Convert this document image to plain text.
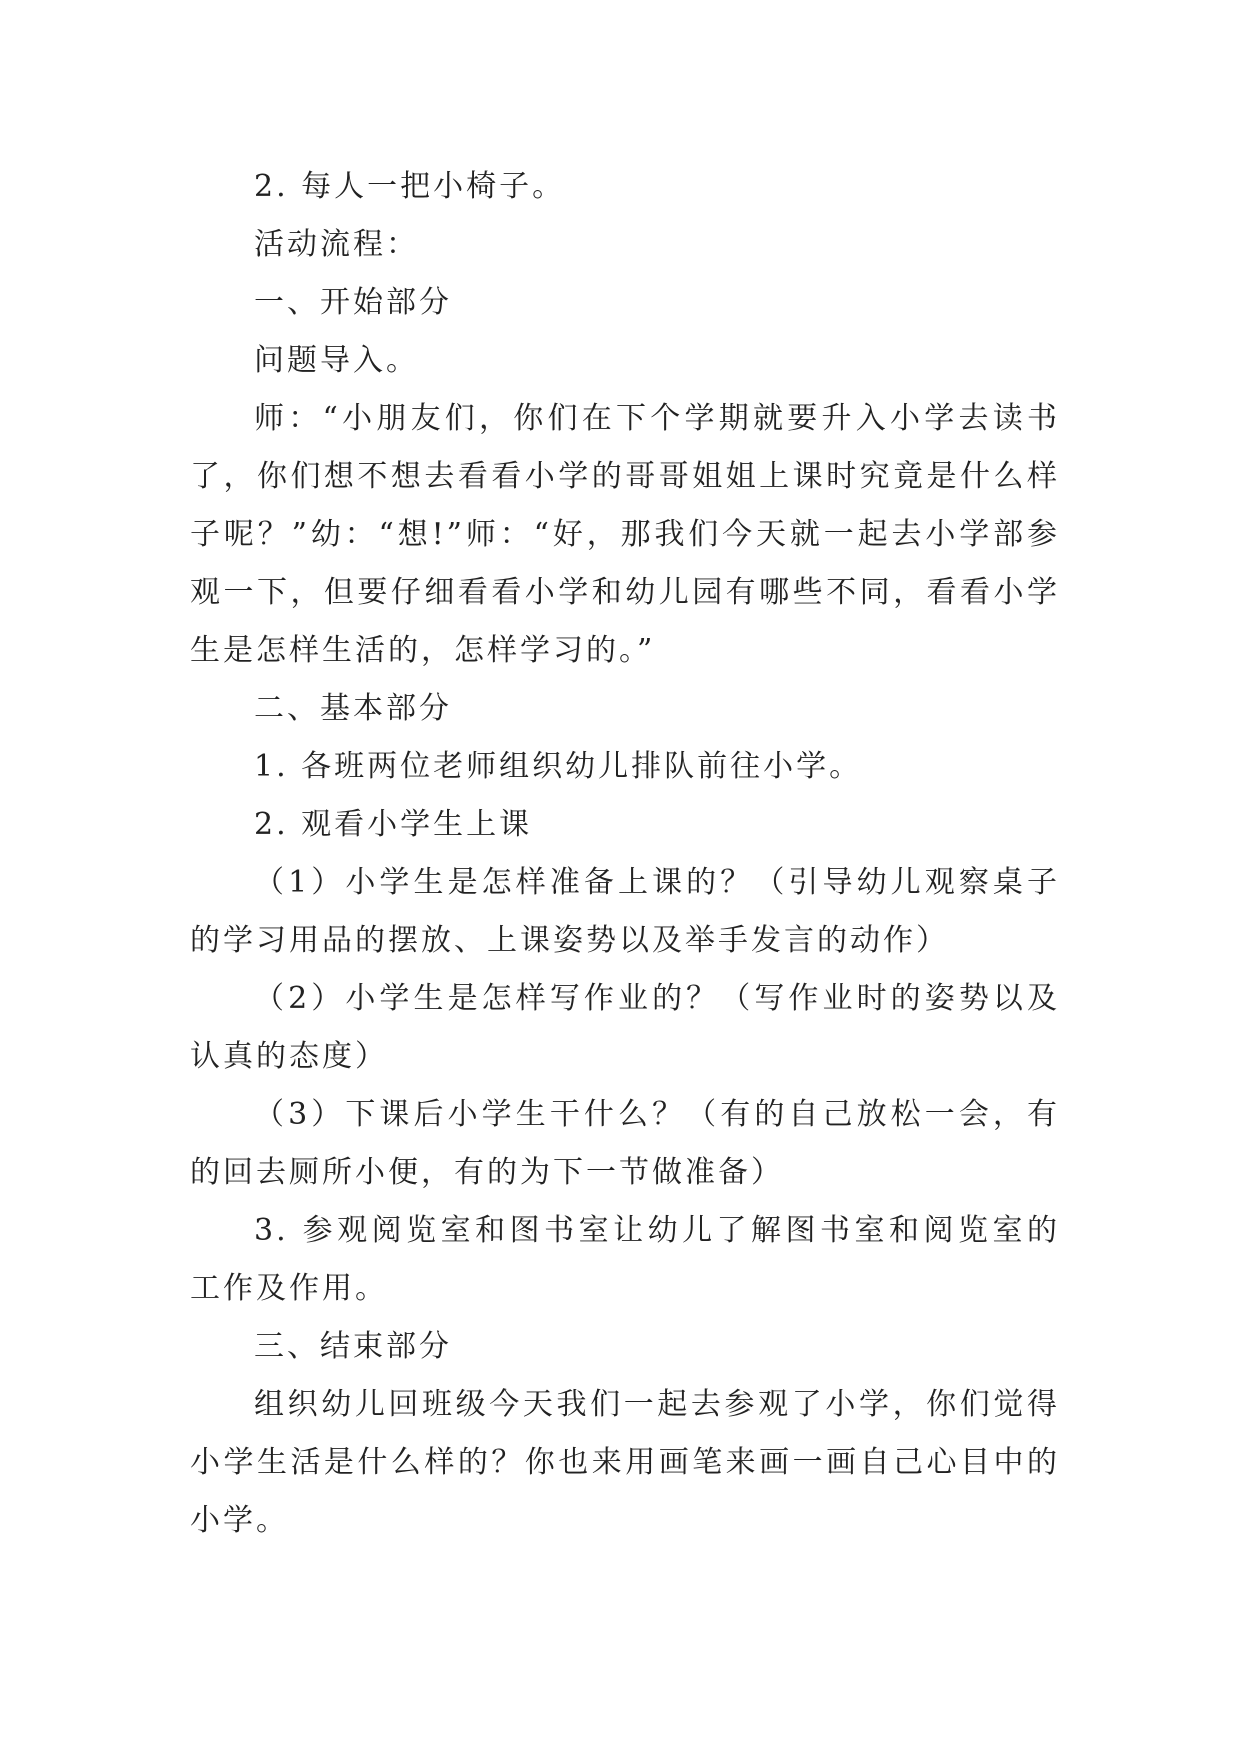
2. 每人一把小椅子。

活动流程：

一、开始部分

问题导入。

师：“小朋友们，你们在下个学期就要升入小学去读书了，你们想不想去看看小学的哥哥姐姐上课时究竟是什么样子呢？”幼：“想!”师：“好，那我们今天就一起去小学部参观一下，但要仔细看看小学和幼儿园有哪些不同，看看小学生是怎样生活的，怎样学习的。”

二、基本部分

1. 各班两位老师组织幼儿排队前往小学。

2. 观看小学生上课

（1）小学生是怎样准备上课的？（引导幼儿观察桌子的学习用品的摆放、上课姿势以及举手发言的动作）

（2）小学生是怎样写作业的？（写作业时的姿势以及认真的态度）

（3）下课后小学生干什么？（有的自己放松一会，有的回去厕所小便，有的为下一节做准备）

3. 参观阅览室和图书室让幼儿了解图书室和阅览室的工作及作用。

三、结束部分

组织幼儿回班级今天我们一起去参观了小学，你们觉得小学生活是什么样的？你也来用画笔来画一画自己心目中的小学。
